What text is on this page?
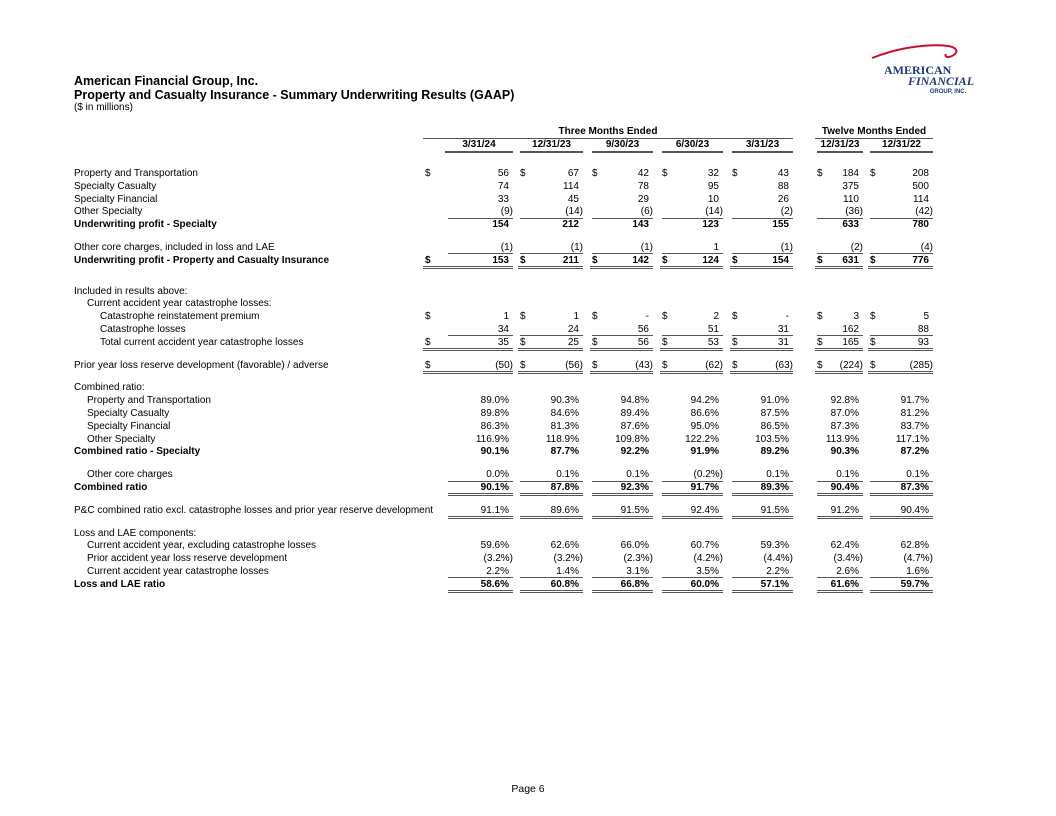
AMERICAN
FINANCIAL
GROUP, INC.
American Financial Group, Inc.
Property and Casualty Insurance - Summary Underwriting Results (GAAP)
($ in millions)
Three Months Ended	Twelve Months Ended
3/31/24	12/31/23	9/30/23	6/30/23	3/31/23	12/31/23	12/31/22
Property and Transportation	$	56	$	67	$	42	$	32	$	43	$ 184	$	208
Specialty Casualty	74	114	78	95	88	375	500
Specialty Financial	33	45	29	10	26	110	114
Other Specialty	(9)	(14)	(6)	(14)	(2)	(36)	(42)
Underwriting profit - Specialty	154	212	143	123	155	633	780
Other core charges, included in loss and LAE	(1)	(1)	(1)	1	(1)	(2)	(4)
Underwriting profit - Property and Casualty Insurance	$	153	$	211	$	142	$	124	$	154	$ 631	$	776
Included in results above:
Current accident year catastrophe losses:
Catastrophe reinstatement premium	$	1	$	1	$	-	$	2	$	-	$	3	$	5
Catastrophe losses	34	24	56	51	31	162	88
Total current accident year catastrophe losses	$	35	$	25	$	56	$	53	$	31	$ 165	$	93
Prior year loss reserve development (favorable) / adverse	$	(50) $	(56) $	(43) $	(62) $	(63) $ (224) $	(285)
Combined ratio:
Property and Transportation	89.0%	90.3%	94.8%	94.2%	91.0%	92.8%	91.7%
Specialty Casualty	89.8%	84.6%	89.4%	86.6%	87.5%	87.0%	81.2%
Specialty Financial	86.3%	81.3%	87.6%	95.0%	86.5%	87.3%	83.7%
Other Specialty	116.9%	118.9%	109.8%	122.2%	103.5%	113.9%	117.1%
Combined ratio - Specialty	90.1%	87.7%	92.2%	91.9%	89.2%	90.3%	87.2%
Other core charges	0.0%	0.1%	0.1%	(0.2%)	0.1%	0.1%	0.1%
Combined ratio	90.1%	87.8%	92.3%	91.7%	89.3%	90.4%	87.3%
P&C combined ratio excl. catastrophe losses and prior year reserve development	91.1%	89.6%	91.5%	92.4%	91.5%	91.2%	90.4%
Loss and LAE components:
Current accident year, excluding catastrophe losses	59.6%	62.6%	66.0%	60.7%	59.3%	62.4%	62.8%
Prior accident year loss reserve development	(3.2%)	(3.2%)	(2.3%)	(4.2%)	(4.4%)	(3.4%)	(4.7%)
Current accident year catastrophe losses	2.2%	1.4%	3.1%	3.5%	2.2%	2.6%	1.6%
Loss and LAE ratio	58.6%	60.8%	66.8%	60.0%	57.1%	61.6%	59.7%
Page 6
